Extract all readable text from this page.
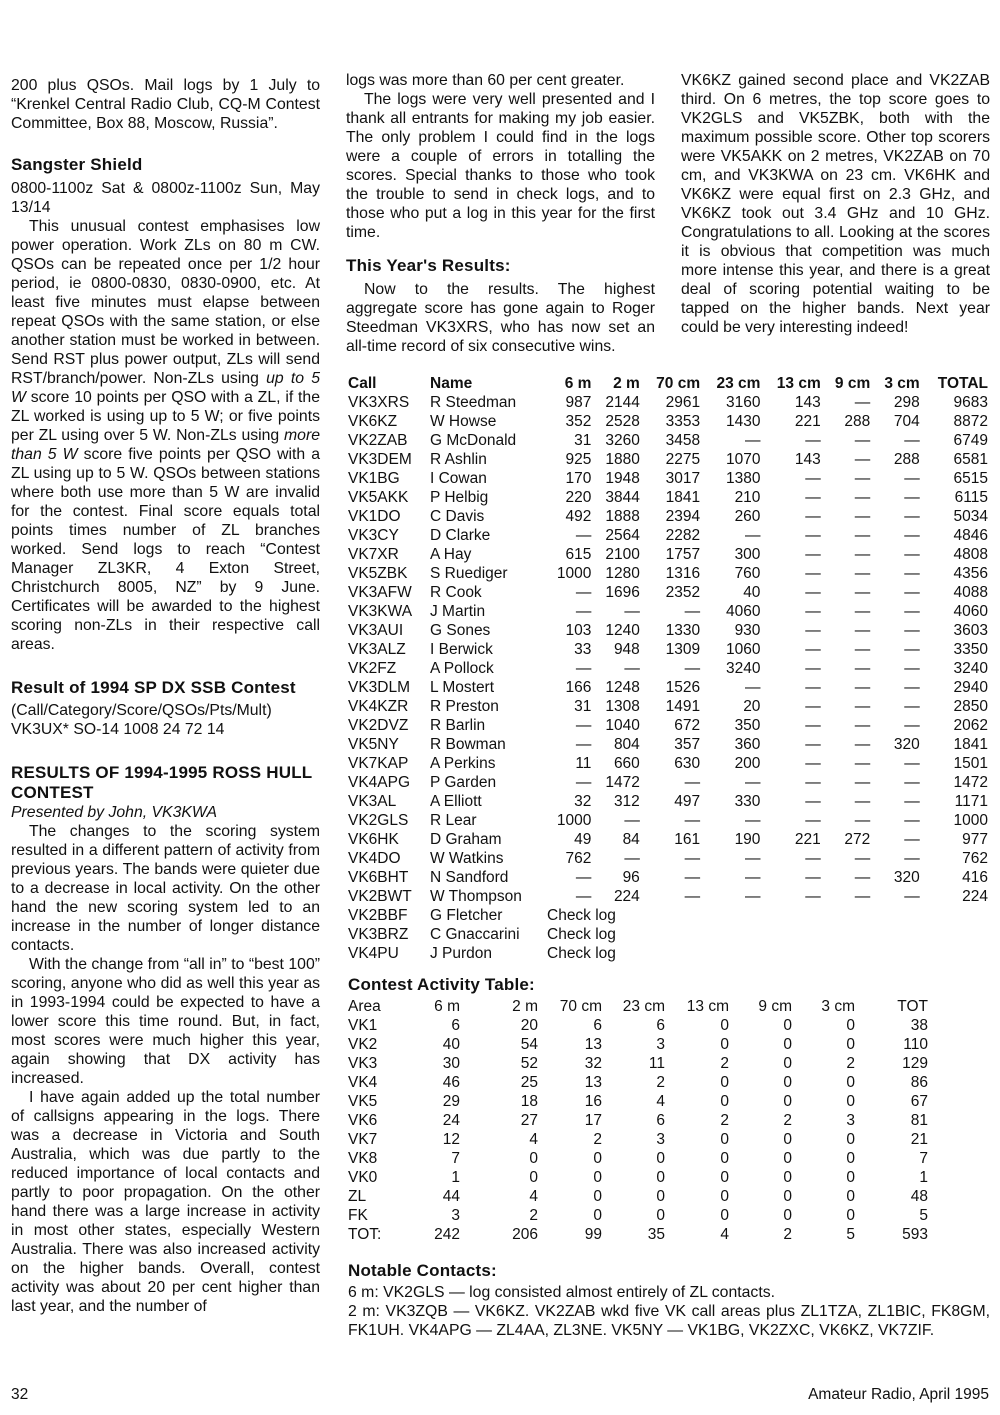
200 plus QSOs. Mail logs by 1 July to “Krenkel Central Radio Club, CQ-M Contest Committee, Box 88, Moscow, Russia”.

Sangster Shield

0800-1100z Sat & 0800z-1100z Sun, May 13/14

This unusual contest emphasises low power operation. Work ZLs on 80 m CW. QSOs can be repeated once per 1/2 hour period, ie 0800-0830, 0830-0900, etc. At least five minutes must elapse between repeat QSOs with the same station, or else another station must be worked in between. Send RST plus power output, ZLs will send RST/branch/power. Non-ZLs using up to 5 W score 10 points per QSO with a ZL, if the ZL worked is using up to 5 W; or five points per ZL using over 5 W. Non-ZLs using more than 5 W score five points per QSO with a ZL using up to 5 W. QSOs between stations where both use more than 5 W are invalid for the contest. Final score equals total points times number of ZL branches worked. Send logs to reach “Contest Manager ZL3KR, 4 Exton Street, Christchurch 8005, NZ” by 9 June. Certificates will be awarded to the highest scoring non-ZLs in their respective call areas.

Result of 1994 SP DX SSB Contest

(Call/Category/Score/QSOs/Pts/Mult)

VK3UX* SO-14 1008 24 72 14

RESULTS OF 1994-1995 ROSS HULL CONTEST

Presented by John, VK3KWA

The changes to the scoring system resulted in a different pattern of activity from previous years. The bands were quieter due to a decrease in local activity. On the other hand the new scoring system led to an increase in the number of longer distance contacts.

With the change from “all in” to “best 100” scoring, anyone who did as well this year as in 1993-1994 could be expected to have a lower score this time round. But, in fact, most scores were much higher this year, again showing that DX activity has increased.

I have again added up the total number of callsigns appearing in the logs. There was a decrease in Victoria and South Australia, which was due partly to the reduced importance of local contacts and partly to poor propagation. On the other hand there was a large increase in activity in most other states, especially Western Australia. There was also increased activity on the higher bands. Overall, contest activity was about 20 per cent higher than last year, and the number of

logs was more than 60 per cent greater.

The logs were very well presented and I thank all entrants for making my job easier. The only problem I could find in the logs were a couple of errors in totalling the scores. Special thanks to those who took the trouble to send in check logs, and to those who put a log in this year for the first time.

This Year's Results:

Now to the results. The highest aggregate score has gone again to Roger Steedman VK3XRS, who has now set an all-time record of six consecutive wins.

VK6KZ gained second place and VK2ZAB third. On 6 metres, the top score goes to VK2GLS and VK5ZBK, both with the maximum possible score. Other top scorers were VK5AKK on 2 metres, VK2ZAB on 70 cm, and VK3KWA on 23 cm. VK6HK and VK6KZ were equal first on 2.3 GHz, and VK6KZ took out 3.4 GHz and 10 GHz. Congratulations to all. Looking at the scores it is obvious that competition was much more intense this year, and there is a great deal of scoring potential waiting to be tapped on the higher bands. Next year could be very interesting indeed!

Call	Name	6 m	2 m	70 cm	23 cm	13 cm	9 cm	3 cm	TOTAL
VK3XRS	R Steedman	987	2144	2961	3160	143	—	298	9683
VK6KZ	W Howse	352	2528	3353	1430	221	288	704	8872
VK2ZAB	G McDonald	31	3260	3458	—	—	—	—	6749
VK3DEM	R Ashlin	925	1880	2275	1070	143	—	288	6581
VK1BG	I Cowan	170	1948	3017	1380	—	—	—	6515
VK5AKK	P Helbig	220	3844	1841	210	—	—	—	6115
VK1DO	C Davis	492	1888	2394	260	—	—	—	5034
VK3CY	D Clarke	—	2564	2282	—	—	—	—	4846
VK7XR	A Hay	615	2100	1757	300	—	—	—	4808
VK5ZBK	S Ruediger	1000	1280	1316	760	—	—	—	4356
VK3AFW	R Cook	—	1696	2352	40	—	—	—	4088
VK3KWA	J Martin	—	—	—	4060	—	—	—	4060
VK3AUI	G Sones	103	1240	1330	930	—	—	—	3603
VK3ALZ	I Berwick	33	948	1309	1060	—	—	—	3350
VK2FZ	A Pollock	—	—	—	3240	—	—	—	3240
VK3DLM	L Mostert	166	1248	1526	—	—	—	—	2940
VK4KZR	R Preston	31	1308	1491	20	—	—	—	2850
VK2DVZ	R Barlin	—	1040	672	350	—	—	—	2062
VK5NY	R Bowman	—	804	357	360	—	—	320	1841
VK7KAP	A Perkins	11	660	630	200	—	—	—	1501
VK4APG	P Garden	—	1472	—	—	—	—	—	1472
VK3AL	A Elliott	32	312	497	330	—	—	—	1171
VK2GLS	R Lear	1000	—	—	—	—	—	—	1000
VK6HK	D Graham	49	84	161	190	221	272	—	977
VK4DO	W Watkins	762	—	—	—	—	—	—	762
VK6BHT	N Sandford	—	96	—	—	—	—	320	416
VK2BWT	W Thompson	—	224	—	—	—	—	—	224
VK2BBF	G Fletcher	Check log							
VK3BRZ	C Gnaccarini	Check log							
VK4PU	J Purdon	Check log							

Contest Activity Table:

Area	6 m	2 m	70 cm	23 cm	13 cm	9 cm	3 cm	TOT
VK1	6	20	6	6	0	0	0	38
VK2	40	54	13	3	0	0	0	110
VK3	30	52	32	11	2	0	2	129
VK4	46	25	13	2	0	0	0	86
VK5	29	18	16	4	0	0	0	67
VK6	24	27	17	6	2	2	3	81
VK7	12	4	2	3	0	0	0	21
VK8	7	0	0	0	0	0	0	7
VK0	1	0	0	0	0	0	0	1
ZL	44	4	0	0	0	0	0	48
FK	3	2	0	0	0	0	0	5
TOT:	242	206	99	35	4	2	5	593

Notable Contacts:

6 m: VK2GLS — log consisted almost entirely of ZL contacts.

2 m: VK3ZQB — VK6KZ. VK2ZAB wkd five VK call areas plus ZL1TZA, ZL1BIC, FK8GM, FK1UH. VK4APG — ZL4AA, ZL3NE. VK5NY — VK1BG, VK2ZXC, VK6KZ, VK7ZIF.

32	Amateur Radio, April 1995
